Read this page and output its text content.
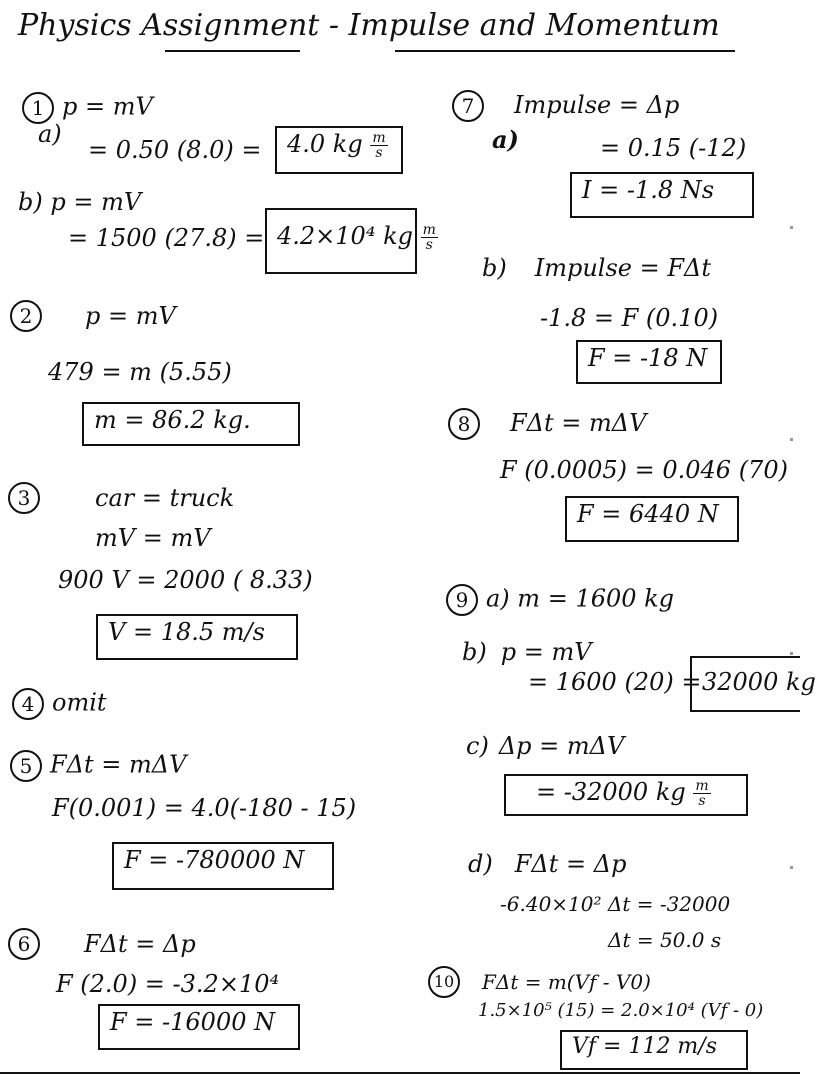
Physics Assignment - Impulse and Momentum
1 p = mV
a)
= 0.50 (8.0) =	4.0 kg $\frac{m}{s}$
b) p = mV
= 1500 (27.8) = 4.2×10⁴ kg $\frac{m}{s}$
2	p = mV
479 = m (5.55)
m = 86.2 kg.
3	car = truck
mV = mV
900 V = 2000 ( 8.33)
V = 18.5 m/s
4 omit
5 FΔt = mΔV
F(0.001) = 4.0(-180 - 15)
F = -780000 N
6	FΔt = Δp
F (2.0) = -3.2×10⁴
F = -16000 N
7 Impulse = Δp
a)	= 0.15 (-12)
I = -1.8 Ns
b) Impulse = FΔt
-1.8 = F (0.10)
F = -18 N
8 FΔt = mΔV
F (0.0005) = 0.046 (70)
F = 6440 N
9 a) m = 1600 kg
b) p = mV
= 1600 (20) = 32000 kg
c) Δp = mΔV
= -32000 kg $\frac{m}{s}$
d) FΔt = Δp
-6.40×10² Δt = -32000
Δt = 50.0 s
10 FΔt = m(Vf - V0)
1.5×10⁵ (15) = 2.0×10⁴ (Vf - 0)
Vf = 112 m/s
